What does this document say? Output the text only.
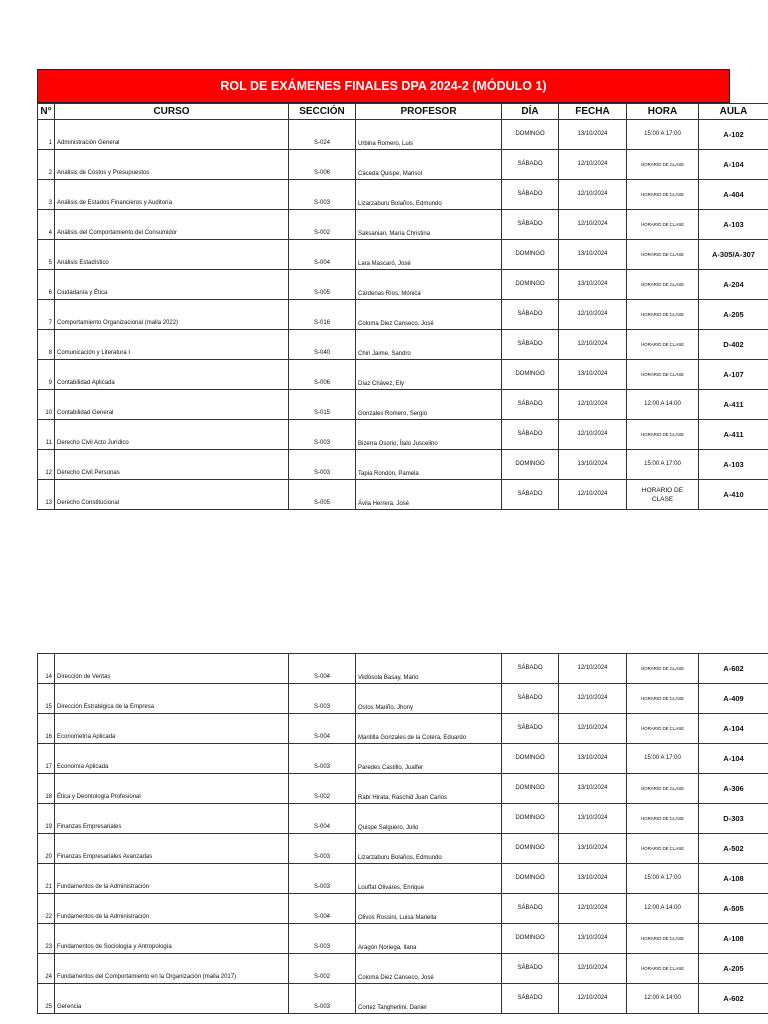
ROL DE EXÁMENES FINALES DPA 2024-2 (MÓDULO 1)
N°	CURSO	SECCIÓN	PROFESOR	DÍA	FECHA	HORA	AULA
1	Administración General	S-024	Urbina Romero, Luis	DOMINGO	13/10/2024	15:00 A 17:00	A-102
2	Análisis de Costos y Presupuestos	S-006	Cáceda Quispe, Marisol	SÁBADO	12/10/2024	HORARIO DE CLASE	A-104
3	Análisis de Estados Financieros y Auditoría	S-003	Lizarzaburu Bolaños, Edmundo	SÁBADO	12/10/2024	HORARIO DE CLASE	A-404
4	Análisis del Comportamiento del Consumidor	S-002	Saksanian, María Christina	SÁBADO	12/10/2024	HORARIO DE CLASE	A-103
5	Análisis Estadístico	S-004	Lara Mascaró, José	DOMINGO	13/10/2024	HORARIO DE CLASE	A-305/A-307
6	Ciudadanía y Ética	S-005	Cárdenas Ríos, Mónica	DOMINGO	13/10/2024	HORARIO DE CLASE	A-204
7	Comportamiento Organizacional (malla 2022)	S-016	Coloma Diez Canseco, José	SÁBADO	12/10/2024	HORARIO DE CLASE	A-205
8	Comunicación y Literatura I	S-040	Chiri Jaime, Sandro	SÁBADO	12/10/2024	HORARIO DE CLASE	D-402
9	Contabilidad Aplicada	S-006	Díaz Chávez, Ely	DOMINGO	13/10/2024	HORARIO DE CLASE	A-107
10	Contabilidad General	S-015	Gonzales Romero, Sergio	SÁBADO	12/10/2024	12:00 A 14:00	A-411
11	Derecho Civil Acto Jurídico	S-003	Bizerra Osorio, Ítalo Juscelino	SÁBADO	12/10/2024	HORARIO DE CLASE	A-411
12	Derecho Civil Personas	S-003	Tapia Rondón, Pamela	DOMINGO	13/10/2024	15:00 A 17:00	A-103
13	Derecho Constitucional	S-005	Ávila Herrera, José	SÁBADO	12/10/2024	HORARIO DE CLASE	A-410
14	Dirección de Ventas	S-004	Viidósola Basay, Mario	SÁBADO	12/10/2024	HORARIO DE CLASE	A-602
15	Dirección Estratégica de la Empresa	S-003	Ostos Mariño, Jhony	SÁBADO	12/10/2024	HORARIO DE CLASE	A-409
16	Econometría Aplicada	S-004	Mantilla Gonzales de la Cotera, Eduardo	SÁBADO	12/10/2024	HORARIO DE CLASE	A-104
17	Economía Aplicada	S-003	Paredes Castillo, Jualfer	DOMINGO	13/10/2024	15:00 A 17:00	A-104
18	Ética y Deontología Profesional	S-002	Rabí Hirata, Raschid Juan Carlos	DOMINGO	13/10/2024	HORARIO DE CLASE	A-306
19	Finanzas Empresariales	S-004	Quispe Salguero, Julio	DOMINGO	13/10/2024	HORARIO DE CLASE	D-303
20	Finanzas Empresariales Avanzadas	S-003	Lizarzaburu Bolaños, Edmundo	DOMINGO	13/10/2024	HORARIO DE CLASE	A-502
21	Fundamentos de la Administración	S-003	Louffat Olivares, Enrique	DOMINGO	13/10/2024	15:00 A 17:00	A-108
22	Fundamentos de la Administración	S-004	Olivos Rossini, Luisa Mariella	SÁBADO	12/10/2024	12:00 A 14:00	A-505
23	Fundamentos de Sociología y Antropología	S-003	Aragón Noriega, Ilana	DOMINGO	13/10/2024	HORARIO DE CLASE	A-108
24	Fundamentos del Comportamiento en la Organización (malla 2017)	S-002	Coloma Diez Canseco, José	SÁBADO	12/10/2024	HORARIO DE CLASE	A-205
25	Gerencia	S-003	Cortez Tangherlini, Daniel	SÁBADO	12/10/2024	12:00 A 14:00	A-602
